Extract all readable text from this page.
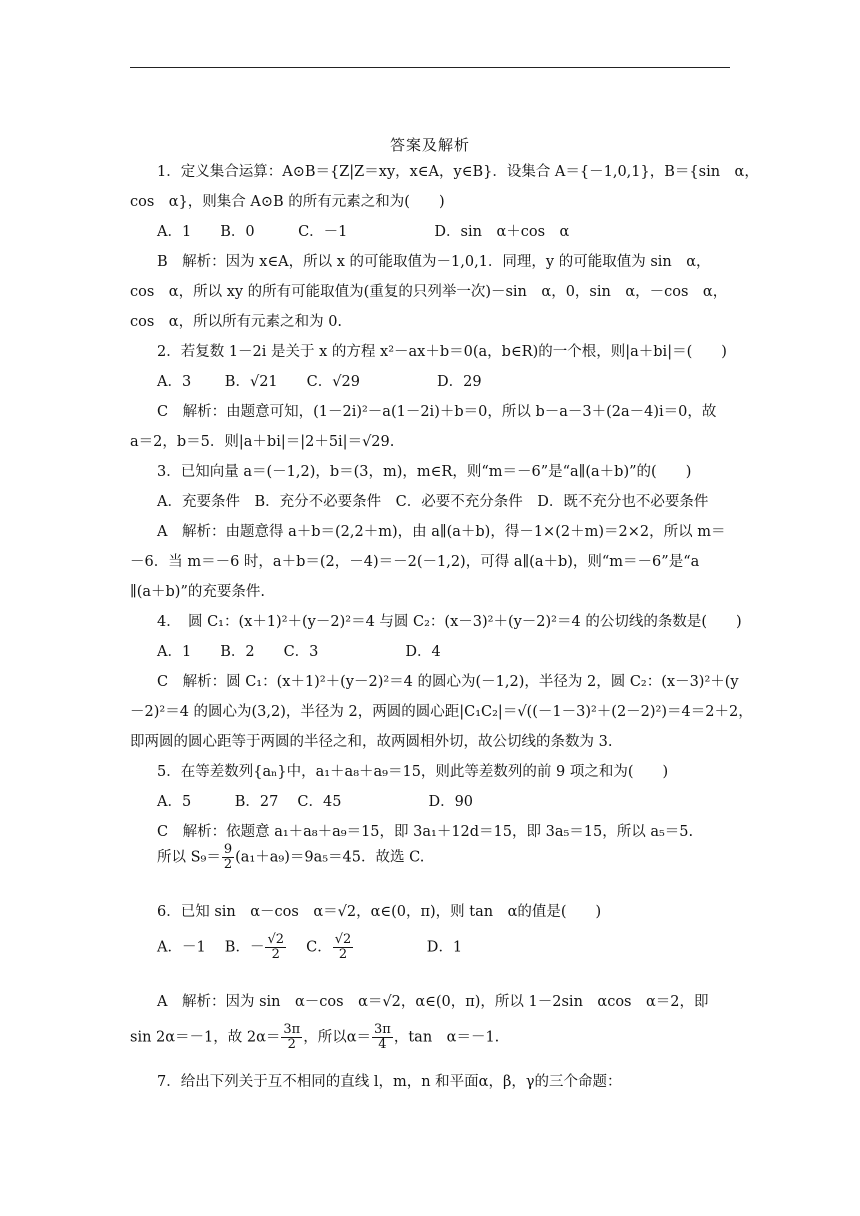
答案及解析
1．定义集合运算：A⊙B＝{Z|Z＝xy，x∈A，y∈B}．设集合 A＝{－1,0,1}，B＝{sin　α，
cos　α}，则集合 A⊙B 的所有元素之和为(　　)
A．1　　B．0　　　C．－1　　　　　　D．sin　α＋cos　α
B　解析：因为 x∈A，所以 x 的可能取值为－1,0,1．同理，y 的可能取值为 sin　α，
cos　α，所以 xy 的所有可能取值为(重复的只列举一次)－sin　α，0，sin　α，－cos　α，
cos　α，所以所有元素之和为 0.
2．若复数 1－2i 是关于 x 的方程 x²－ax＋b＝0(a，b∈R)的一个根，则|a＋bi|＝(　　)
A．3　　 B．√21　　C．√29　　　　　 D．29
C　解析：由题意可知，(1－2i)²－a(1－2i)＋b＝0，所以 b－a－3＋(2a－4)i＝0，故
a＝2，b＝5．则|a＋bi|＝|2＋5i|＝√29.
3．已知向量 a＝(－1,2)，b＝(3，m)，m∈R，则“m＝－6”是“a∥(a＋b)”的(　　)
A．充要条件　B．充分不必要条件　C．必要不充分条件　D．既不充分也不必要条件
A　解析：由题意得 a＋b＝(2,2＋m)，由 a∥(a＋b)，得－1×(2＋m)＝2×2，所以 m＝
－6．当 m＝－6 时，a＋b＝(2，－4)＝－2(－1,2)，可得 a∥(a＋b)，则“m＝－6”是“a
∥(a＋b)”的充要条件.
4．　圆 C₁：(x＋1)²＋(y－2)²＝4 与圆 C₂：(x－3)²＋(y－2)²＝4 的公切线的条数是(　　)
A．1　　B．2　　C．3　　　　　　D．4
C　解析：圆 C₁：(x＋1)²＋(y－2)²＝4 的圆心为(－1,2)，半径为 2，圆 C₂：(x－3)²＋(y
－2)²＝4 的圆心为(3,2)，半径为 2，两圆的圆心距|C₁C₂|＝√((－1－3)²＋(2－2)²)＝4＝2＋2，
即两圆的圆心距等于两圆的半径之和，故两圆相外切，故公切线的条数为 3.
5．在等差数列{aₙ}中，a₁＋a₈＋a₉＝15，则此等差数列的前 9 项之和为(　　)
A．5　　　B．27　 C．45　　　　　　D．90
C　解析：依题意 a₁＋a₈＋a₉＝15，即 3a₁＋12d＝15，即 3a₅＝15，所以 a₅＝5.
6．已知 sin　α－cos　α＝√2，α∈(0，π)，则 tan　α的值是(　　)
7．给出下列关于互不相同的直线 l，m，n 和平面α，β，γ的三个命题：
所以 $S_9= \frac{9}{2} (a_1+a_9)=9a_5=45$．故选 C.
A．－1　 B．－ $\frac{√2}{2}$ 　 C． $\frac{√2}{2}$ 　　　　　D．1
A　解析：因为 sin　α－cos　α＝√2，α∈(0，π)，所以 1－2sin　αcos　α＝2，即
sin 2α＝－1，故 $2\alpha= \frac{3\pi}{2}$ ，所以$\alpha= \frac{3\pi}{4}$ ，tan　α＝－1.
